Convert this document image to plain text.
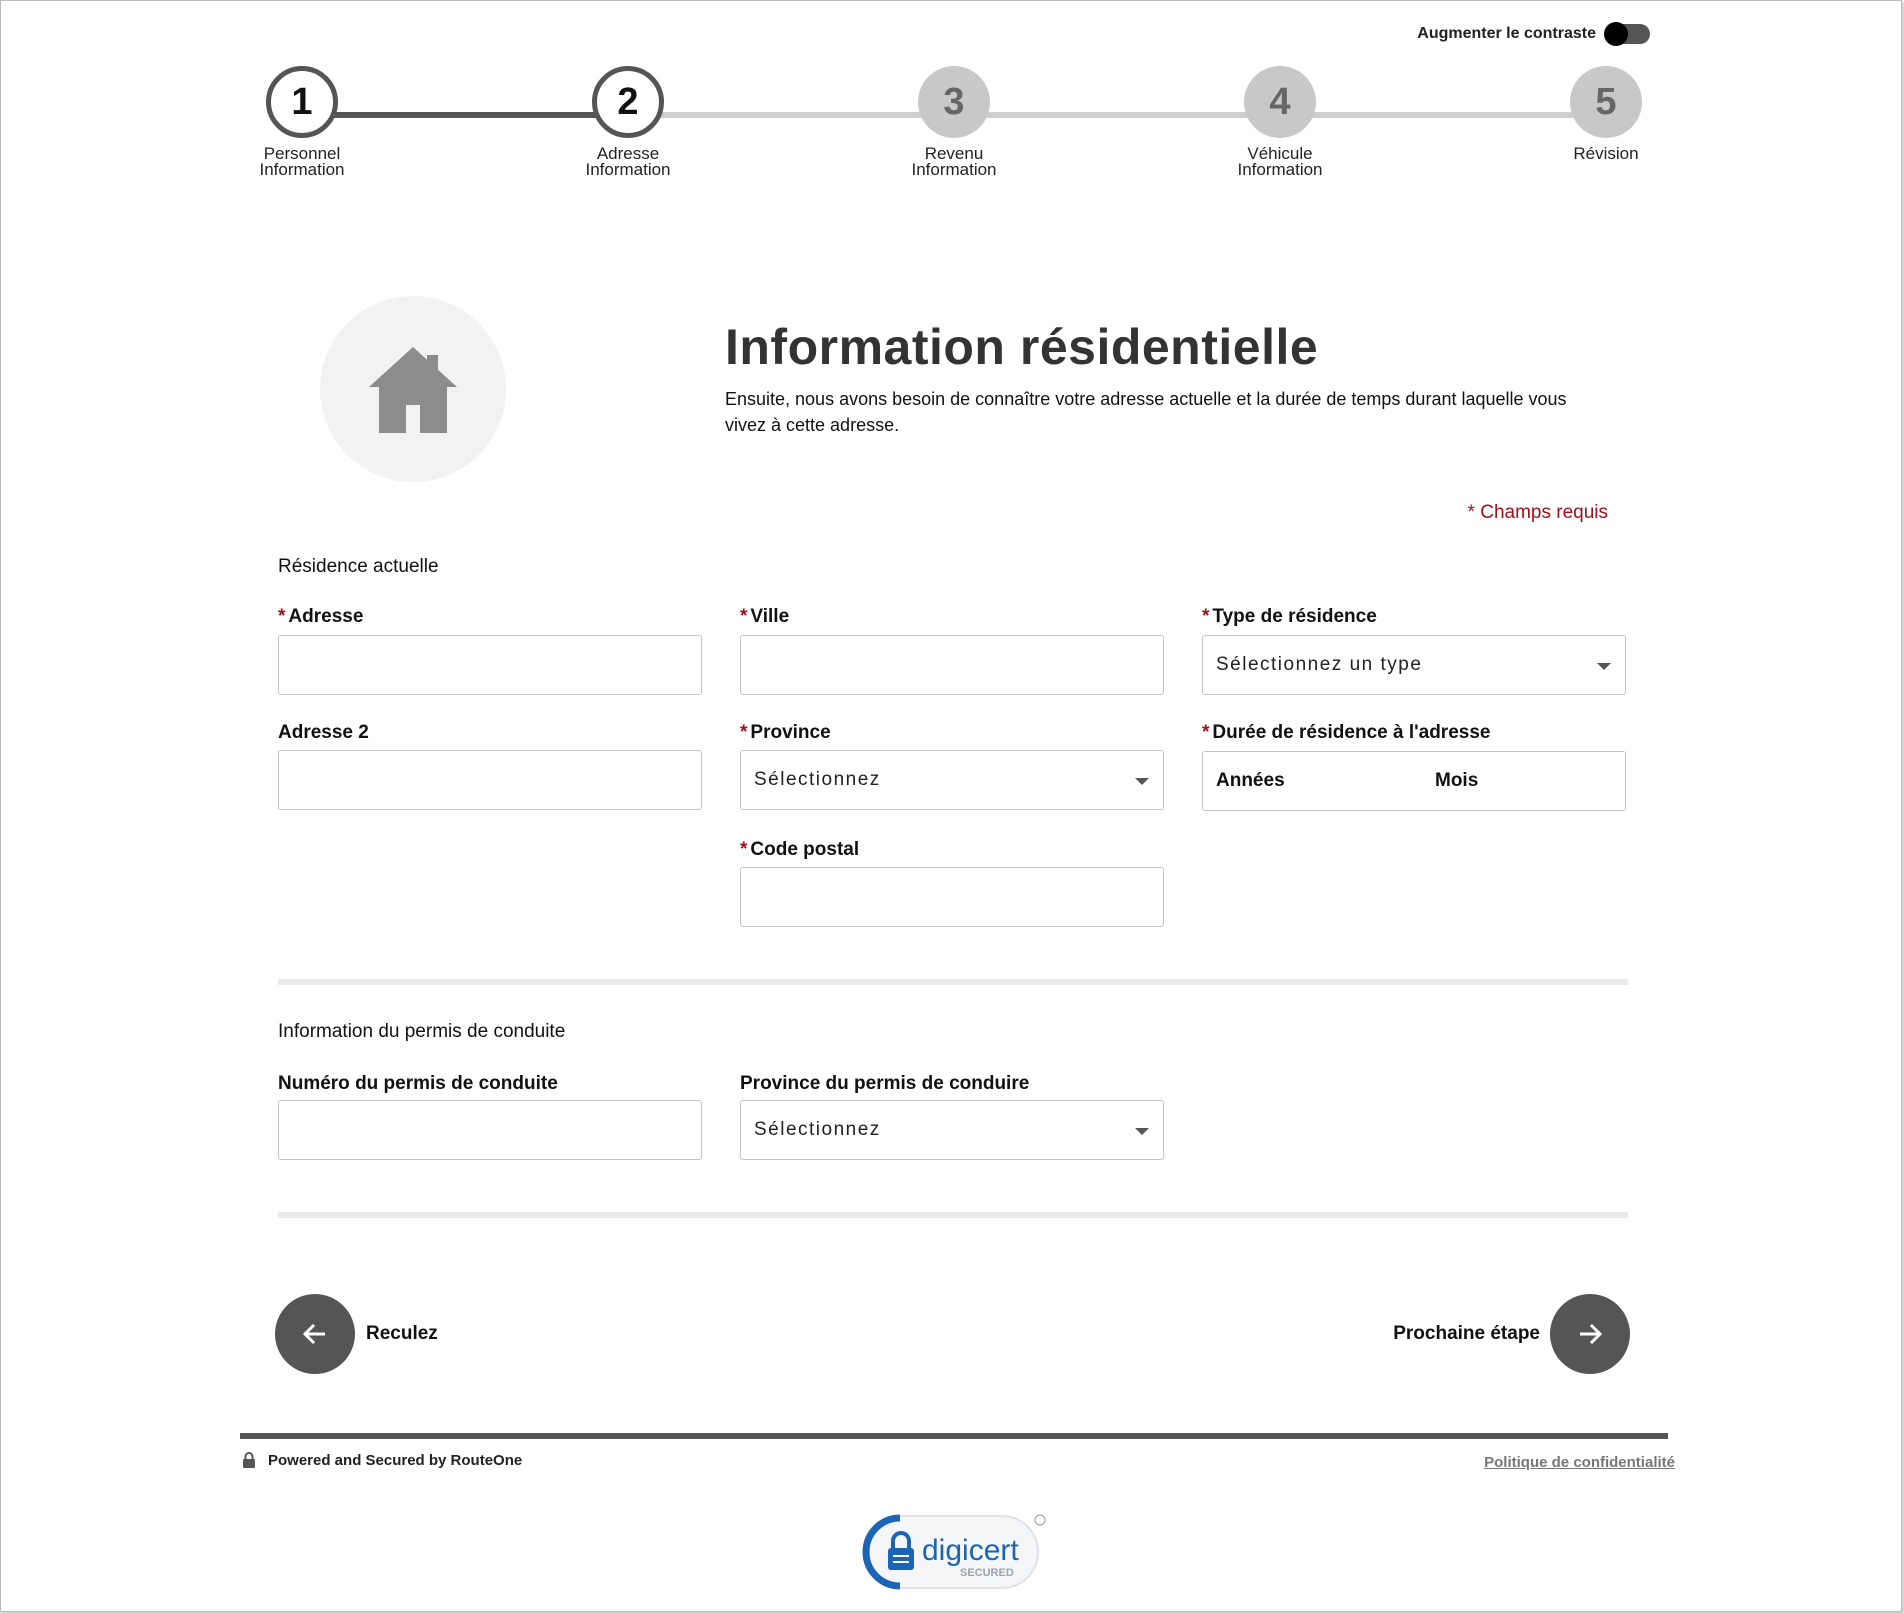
Augmenter le contraste
1
Personnel
Information
2
Adresse
Information
3
Revenu
Information
4
Véhicule
Information
5
Révision
Information résidentielle

Ensuite, nous avons besoin de connaître votre adresse actuelle et la durée de temps durant laquelle vous vivez à cette adresse.

* Champs requis
Résidence actuelle
* Adresse	* Ville	* Type de résidence
Sélectionnez un type
Adresse 2	* Province
Sélectionnez
* Durée de résidence à l'adresse
Années	Mois
* Code postal
Information du permis de conduite
Numéro du permis de conduite	Province du permis de conduire
Sélectionnez
Reculez	Prochaine étape
Powered and Secured by RouteOne	Politique de confidentialité
digicert
SECURED
